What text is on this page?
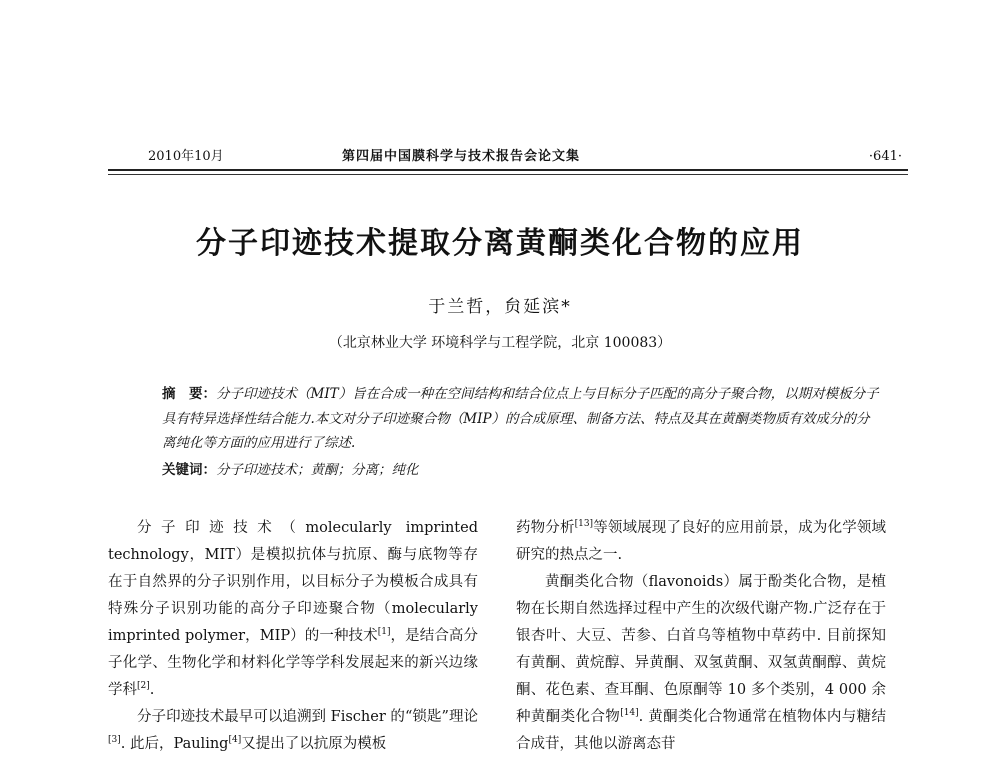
2010年10月	第四届中国膜科学与技术报告会论文集	·641·
分子印迹技术提取分离黄酮类化合物的应用
于兰哲，贠延滨*
（北京林业大学 环境科学与工程学院，北京 100083）
摘　要：分子印迹技术（MIT）旨在合成一种在空间结构和结合位点上与目标分子匹配的高分子聚合物，以期对模板分子具有特异选择性结合能力.本文对分子印迹聚合物（MIP）的合成原理、制备方法、特点及其在黄酮类物质有效成分的分离纯化等方面的应用进行了综述.
关键词：分子印迹技术；黄酮；分离；纯化

分子印迹技术（molecularly imprinted technology，MIT）是模拟抗体与抗原、酶与底物等存在于自然界的分子识别作用，以目标分子为模板合成具有特殊分子识别功能的高分子印迹聚合物（molecularly imprinted polymer，MIP）的一种技术[1]，是结合高分子化学、生物化学和材料化学等学科发展起来的新兴边缘学科[2].

分子印迹技术最早可以追溯到 Fischer 的“锁匙”理论[3]. 此后，Pauling[4]又提出了以抗原为模板

药物分析[13]等领域展现了良好的应用前景，成为化学领域研究的热点之一.

黄酮类化合物（flavonoids）属于酚类化合物，是植物在长期自然选择过程中产生的次级代谢产物.广泛存在于银杏叶、大豆、苦参、白首乌等植物中草药中. 目前探知有黄酮、黄烷醇、异黄酮、双氢黄酮、双氢黄酮醇、黄烷酮、花色素、查耳酮、色原酮等 10 多个类别，4 000 余种黄酮类化合物[14]. 黄酮类化合物通常在植物体内与糖结合成苷，其他以游离态苷
